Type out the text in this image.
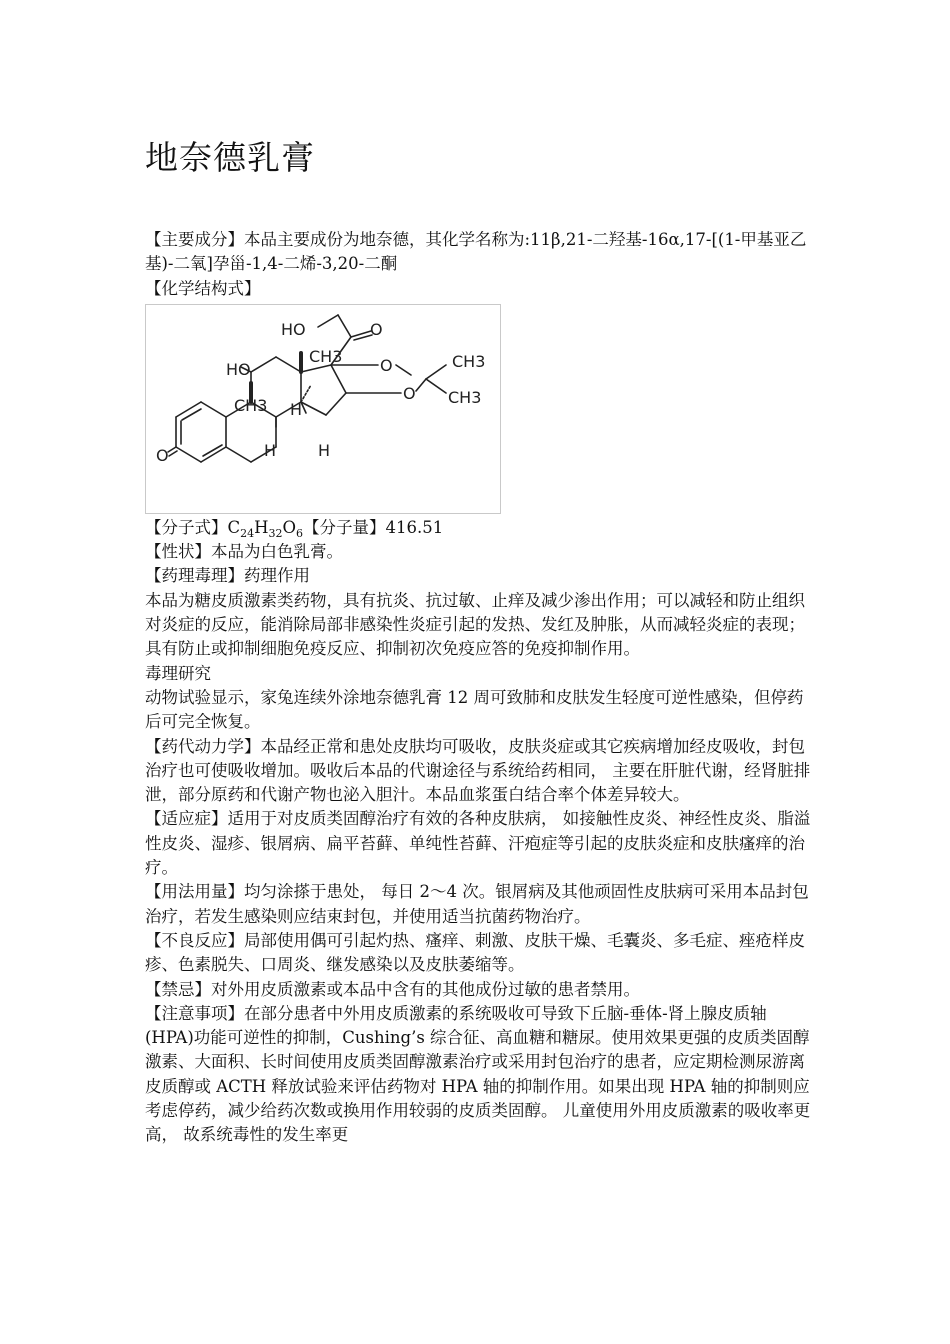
地奈德乳膏

【主要成分】本品主要成份为地奈德，其化学名称为:11β,21-二羟基-16α,17-[(1-甲基亚乙基)-二氧]孕甾-1,4-二烯-3,20-二酮

【化学结构式】

HO	O
CH3 O	CH3
HO
CH3 H
O CH3
H	H
O

【分子式】$C_{24}H_{32}O_6$【分子量】416.51

【性状】本品为白色乳膏。

【药理毒理】药理作用

本品为糖皮质激素类药物，具有抗炎、抗过敏、止痒及减少渗出作用；可以减轻和防止组织对炎症的反应，能消除局部非感染性炎症引起的发热、发红及肿胀，从而减轻炎症的表现；具有防止或抑制细胞免疫反应、抑制初次免疫应答的免疫抑制作用。

毒理研究

动物试验显示，家兔连续外涂地奈德乳膏 12 周可致肺和皮肤发生轻度可逆性感染，但停药后可完全恢复。

【药代动力学】本品经正常和患处皮肤均可吸收，皮肤炎症或其它疾病增加经皮吸收，封包治疗也可使吸收增加。吸收后本品的代谢途径与系统给药相同， 主要在肝脏代谢，经肾脏排泄，部分原药和代谢产物也泌入胆汁。本品血浆蛋白结合率个体差异较大。

【适应症】适用于对皮质类固醇治疗有效的各种皮肤病， 如接触性皮炎、神经性皮炎、脂溢性皮炎、湿疹、银屑病、扁平苔藓、单纯性苔藓、汗疱症等引起的皮肤炎症和皮肤瘙痒的治疗。

【用法用量】均匀涂搽于患处， 每日 2～4 次。银屑病及其他顽固性皮肤病可采用本品封包治疗，若发生感染则应结束封包，并使用适当抗菌药物治疗。

【不良反应】局部使用偶可引起灼热、瘙痒、刺激、皮肤干燥、毛囊炎、多毛症、痤疮样皮疹、色素脱失、口周炎、继发感染以及皮肤萎缩等。

【禁忌】对外用皮质激素或本品中含有的其他成份过敏的患者禁用。

【注意事项】在部分患者中外用皮质激素的系统吸收可导致下丘脑-垂体-肾上腺皮质轴(HPA)功能可逆性的抑制，Cushing’s 综合征、高血糖和糖尿。使用效果更强的皮质类固醇激素、大面积、长时间使用皮质类固醇激素治疗或采用封包治疗的患者，应定期检测尿游离皮质醇或 ACTH 释放试验来评估药物对 HPA 轴的抑制作用。如果出现 HPA 轴的抑制则应考虑停药，减少给药次数或换用作用较弱的皮质类固醇。 儿童使用外用皮质激素的吸收率更高， 故系统毒性的发生率更
